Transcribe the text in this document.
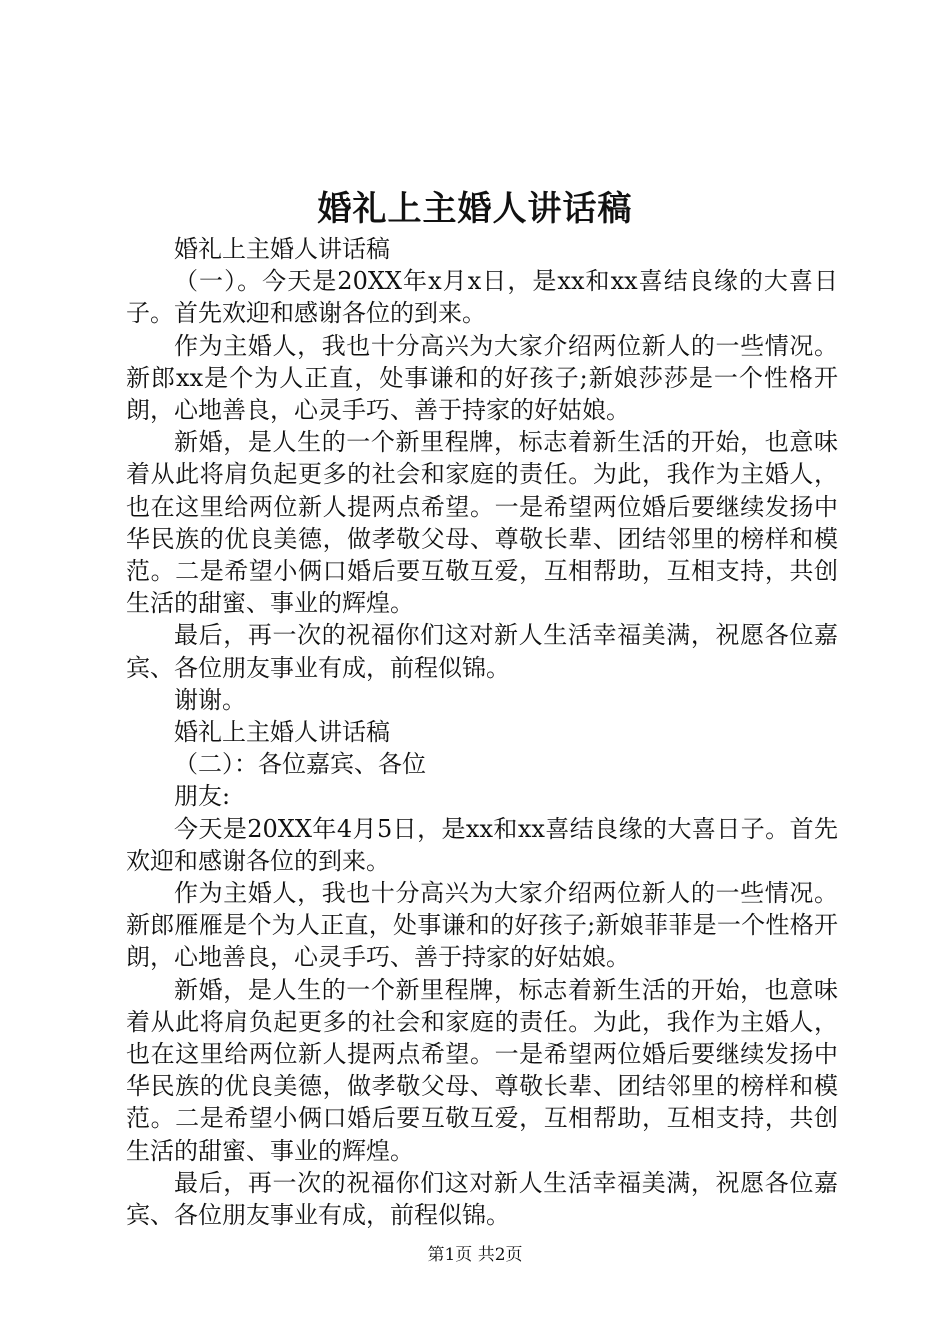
婚礼上主婚人讲话稿

婚礼上主婚人讲话稿

（一）。今天是20XX年x月x日，是xx和xx喜结良缘的大喜日子。首先欢迎和感谢各位的到来。

作为主婚人，我也十分高兴为大家介绍两位新人的一些情况。新郎xx是个为人正直，处事谦和的好孩子;新娘莎莎是一个性格开朗，心地善良，心灵手巧、善于持家的好姑娘。

新婚，是人生的一个新里程牌，标志着新生活的开始，也意味着从此将肩负起更多的社会和家庭的责任。为此，我作为主婚人，也在这里给两位新人提两点希望。一是希望两位婚后要继续发扬中华民族的优良美德，做孝敬父母、尊敬长辈、团结邻里的榜样和模范。二是希望小俩口婚后要互敬互爱，互相帮助，互相支持，共创生活的甜蜜、事业的辉煌。

最后，再一次的祝福你们这对新人生活幸福美满，祝愿各位嘉宾、各位朋友事业有成，前程似锦。

谢谢。

婚礼上主婚人讲话稿

（二）：各位嘉宾、各位

朋友:

今天是20XX年4月5日，是xx和xx喜结良缘的大喜日子。首先欢迎和感谢各位的到来。

作为主婚人，我也十分高兴为大家介绍两位新人的一些情况。新郎雁雁是个为人正直，处事谦和的好孩子;新娘菲菲是一个性格开朗，心地善良，心灵手巧、善于持家的好姑娘。

新婚，是人生的一个新里程牌，标志着新生活的开始，也意味着从此将肩负起更多的社会和家庭的责任。为此，我作为主婚人，也在这里给两位新人提两点希望。一是希望两位婚后要继续发扬中华民族的优良美德，做孝敬父母、尊敬长辈、团结邻里的榜样和模范。二是希望小俩口婚后要互敬互爱，互相帮助，互相支持，共创生活的甜蜜、事业的辉煌。

最后，再一次的祝福你们这对新人生活幸福美满，祝愿各位嘉宾、各位朋友事业有成，前程似锦。

第1页 共2页
